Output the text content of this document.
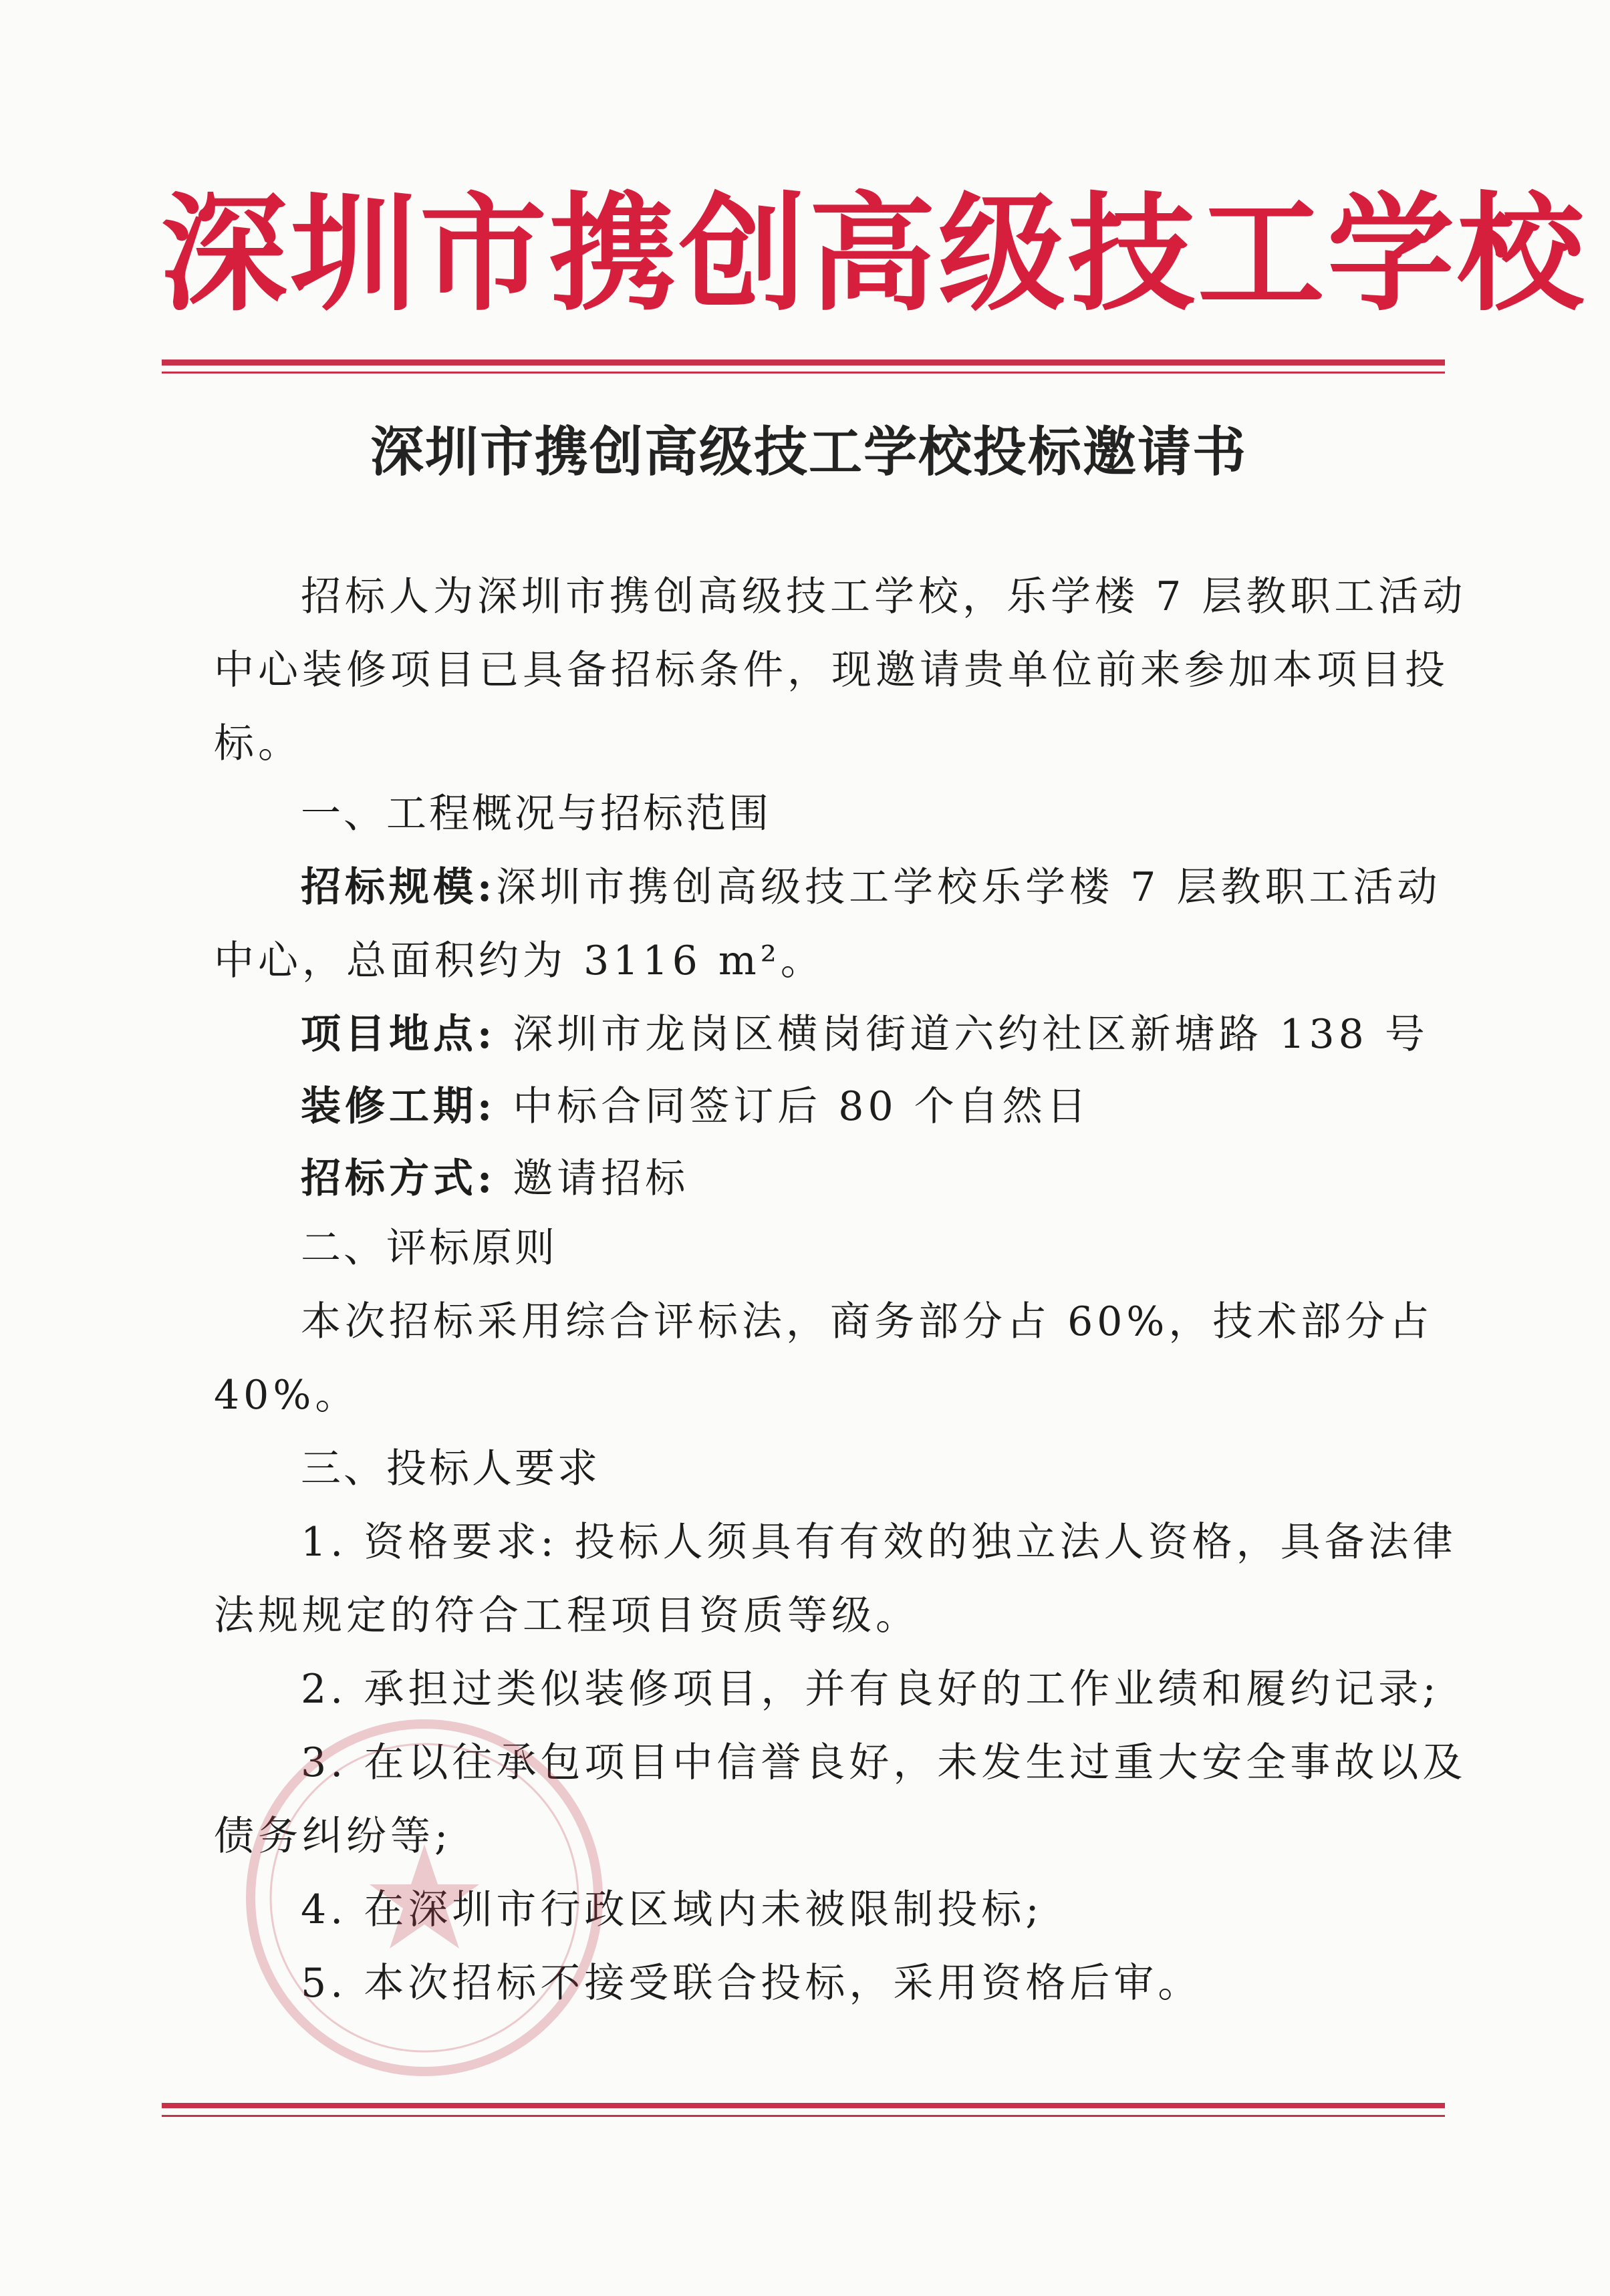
深圳市携创高级技工学校
深圳市携创高级技工学校投标邀请书
招标人为深圳市携创高级技工学校，乐学楼 7 层教职工活动
中心装修项目已具备招标条件，现邀请贵单位前来参加本项目投
标。
一、工程概况与招标范围
招标规模:深圳市携创高级技工学校乐学楼 7 层教职工活动
中心，总面积约为 3116 m²。
项目地点: 深圳市龙岗区横岗街道六约社区新塘路 138 号
装修工期: 中标合同签订后 80 个自然日
招标方式: 邀请招标
二、评标原则
本次招标采用综合评标法，商务部分占 60%，技术部分占
40%。
三、投标人要求
1. 资格要求: 投标人须具有有效的独立法人资格，具备法律
法规规定的符合工程项目资质等级。
2. 承担过类似装修项目，并有良好的工作业绩和履约记录;
3. 在以往承包项目中信誉良好，未发生过重大安全事故以及
债务纠纷等;
4. 在深圳市行政区域内未被限制投标;
5. 本次招标不接受联合投标，采用资格后审。
